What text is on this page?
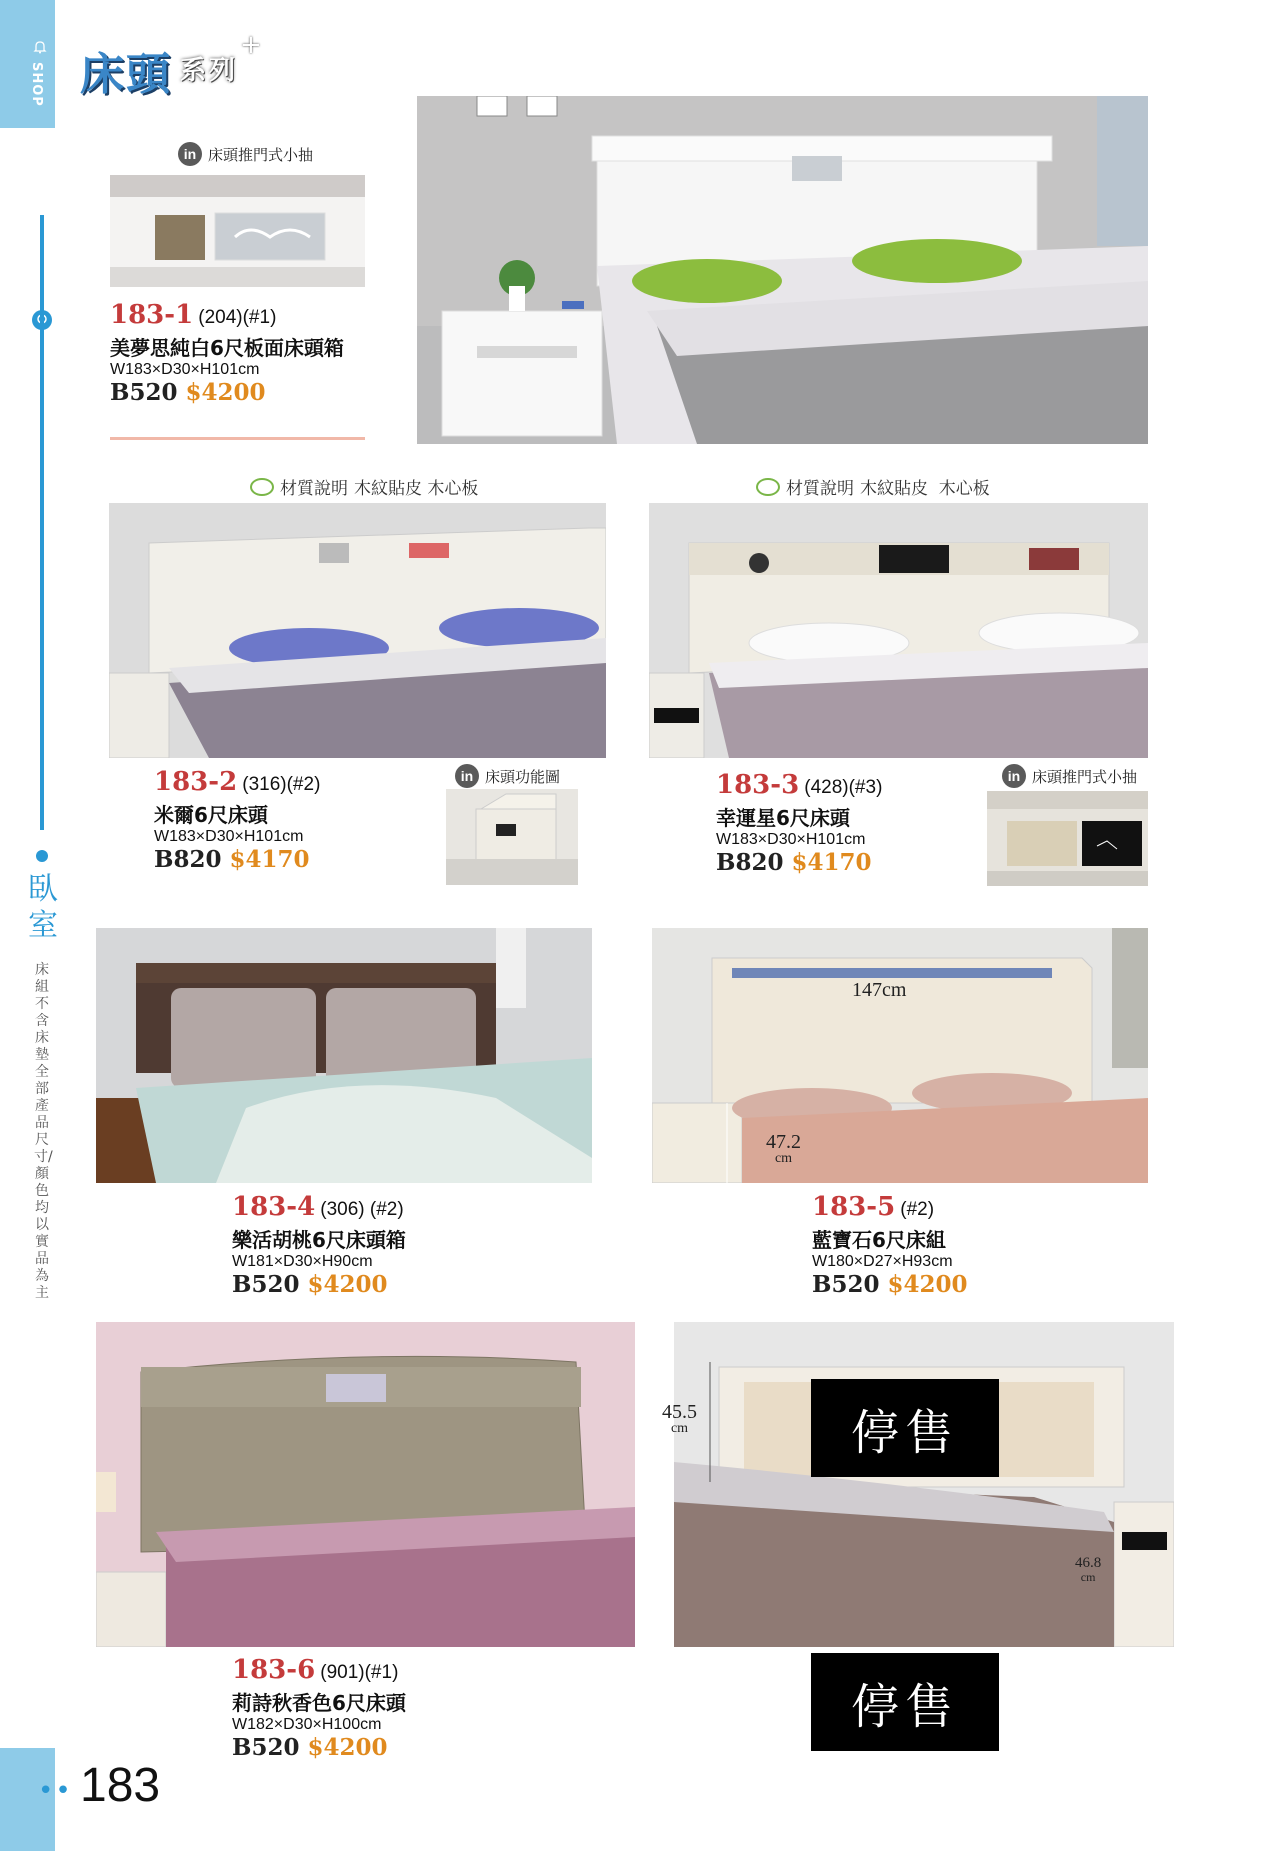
SHOP
臥室
床組不含床墊 全部產品尺寸/顏色均以實品為主
•• 183
床頭 系列
+
in 床頭推門式小抽
183-1 (204)(#1)
美夢思純白6尺板面床頭箱
W183×D30×H101cm
B520 $4200
材質說明 木紋貼皮 木心板	材質說明 木紋貼皮  木心板
183-2 (316)(#2)
米爾6尺床頭
W183×D30×H101cm
B820 $4170
in 床頭功能圖	183-3 (428)(#3)
幸運星6尺床頭
W183×D30×H101cm
B820 $4170
in 床頭推門式小抽
183-4 (306) (#2)
樂活胡桃6尺床頭箱
W181×D30×H90cm
B520 $4200
147cm
47.2
cm
183-5 (#2)
藍寶石6尺床組
W180×D27×H93cm
B520 $4200
183-6 (901)(#1)
莉詩秋香色6尺床頭
W182×D30×H100cm
B520 $4200
45.5
cm
46.8
cm
停售
停售
